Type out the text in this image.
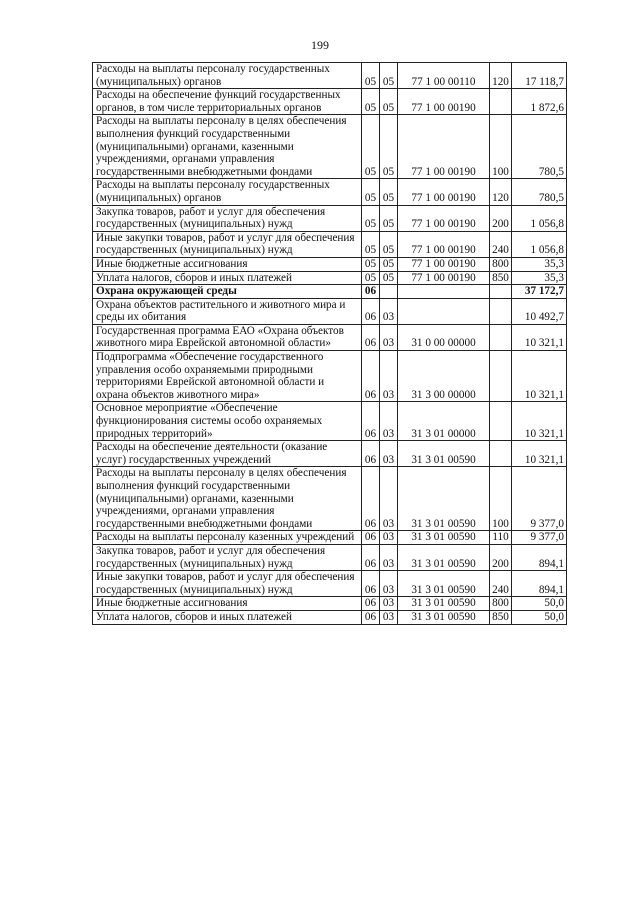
199
Расходы на выплаты персоналу государственных (муниципальных) органов	05	05	77 1 00 00110	120	17 118,7
Расходы на обеспечение функций государственных органов, в том числе территориальных органов	05	05	77 1 00 00190		1 872,6
Расходы на выплаты персоналу в целях обеспечения выполнения функций государственными (муниципальными) органами, казенными учреждениями, органами управления государственными внебюджетными фондами	05	05	77 1 00 00190	100	780,5
Расходы на выплаты персоналу государственных (муниципальных) органов	05	05	77 1 00 00190	120	780,5
Закупка товаров, работ и услуг для обеспечения государственных (муниципальных) нужд	05	05	77 1 00 00190	200	1 056,8
Иные закупки товаров, работ и услуг для обеспечения государственных (муниципальных) нужд	05	05	77 1 00 00190	240	1 056,8
Иные бюджетные ассигнования	05	05	77 1 00 00190	800	35,3
Уплата налогов, сборов и иных платежей	05	05	77 1 00 00190	850	35,3
Охрана окружающей среды	06				37 172,7
Охрана объектов растительного и животного мира и среды их обитания	06	03			10 492,7
Государственная программа ЕАО «Охрана объектов животного мира Еврейской автономной области»	06	03	31 0 00 00000		10 321,1
Подпрограмма «Обеспечение государственного управления особо охраняемыми природными территориями Еврейской автономной области и охрана объектов животного мира»	06	03	31 3 00 00000		10 321,1
Основное мероприятие «Обеспечение функционирования системы особо охраняемых природных территорий»	06	03	31 3 01 00000		10 321,1
Расходы на обеспечение деятельности (оказание услуг) государственных учреждений	06	03	31 3 01 00590		10 321,1
Расходы на выплаты персоналу в целях обеспечения выполнения функций государственными (муниципальными) органами, казенными учреждениями, органами управления государственными внебюджетными фондами	06	03	31 3 01 00590	100	9 377,0
Расходы на выплаты персоналу казенных учреждений	06	03	31 3 01 00590	110	9 377,0
Закупка товаров, работ и услуг для обеспечения государственных (муниципальных) нужд	06	03	31 3 01 00590	200	894,1
Иные закупки товаров, работ и услуг для обеспечения государственных (муниципальных) нужд	06	03	31 3 01 00590	240	894,1
Иные бюджетные ассигнования	06	03	31 3 01 00590	800	50,0
Уплата налогов, сборов и иных платежей	06	03	31 3 01 00590	850	50,0
